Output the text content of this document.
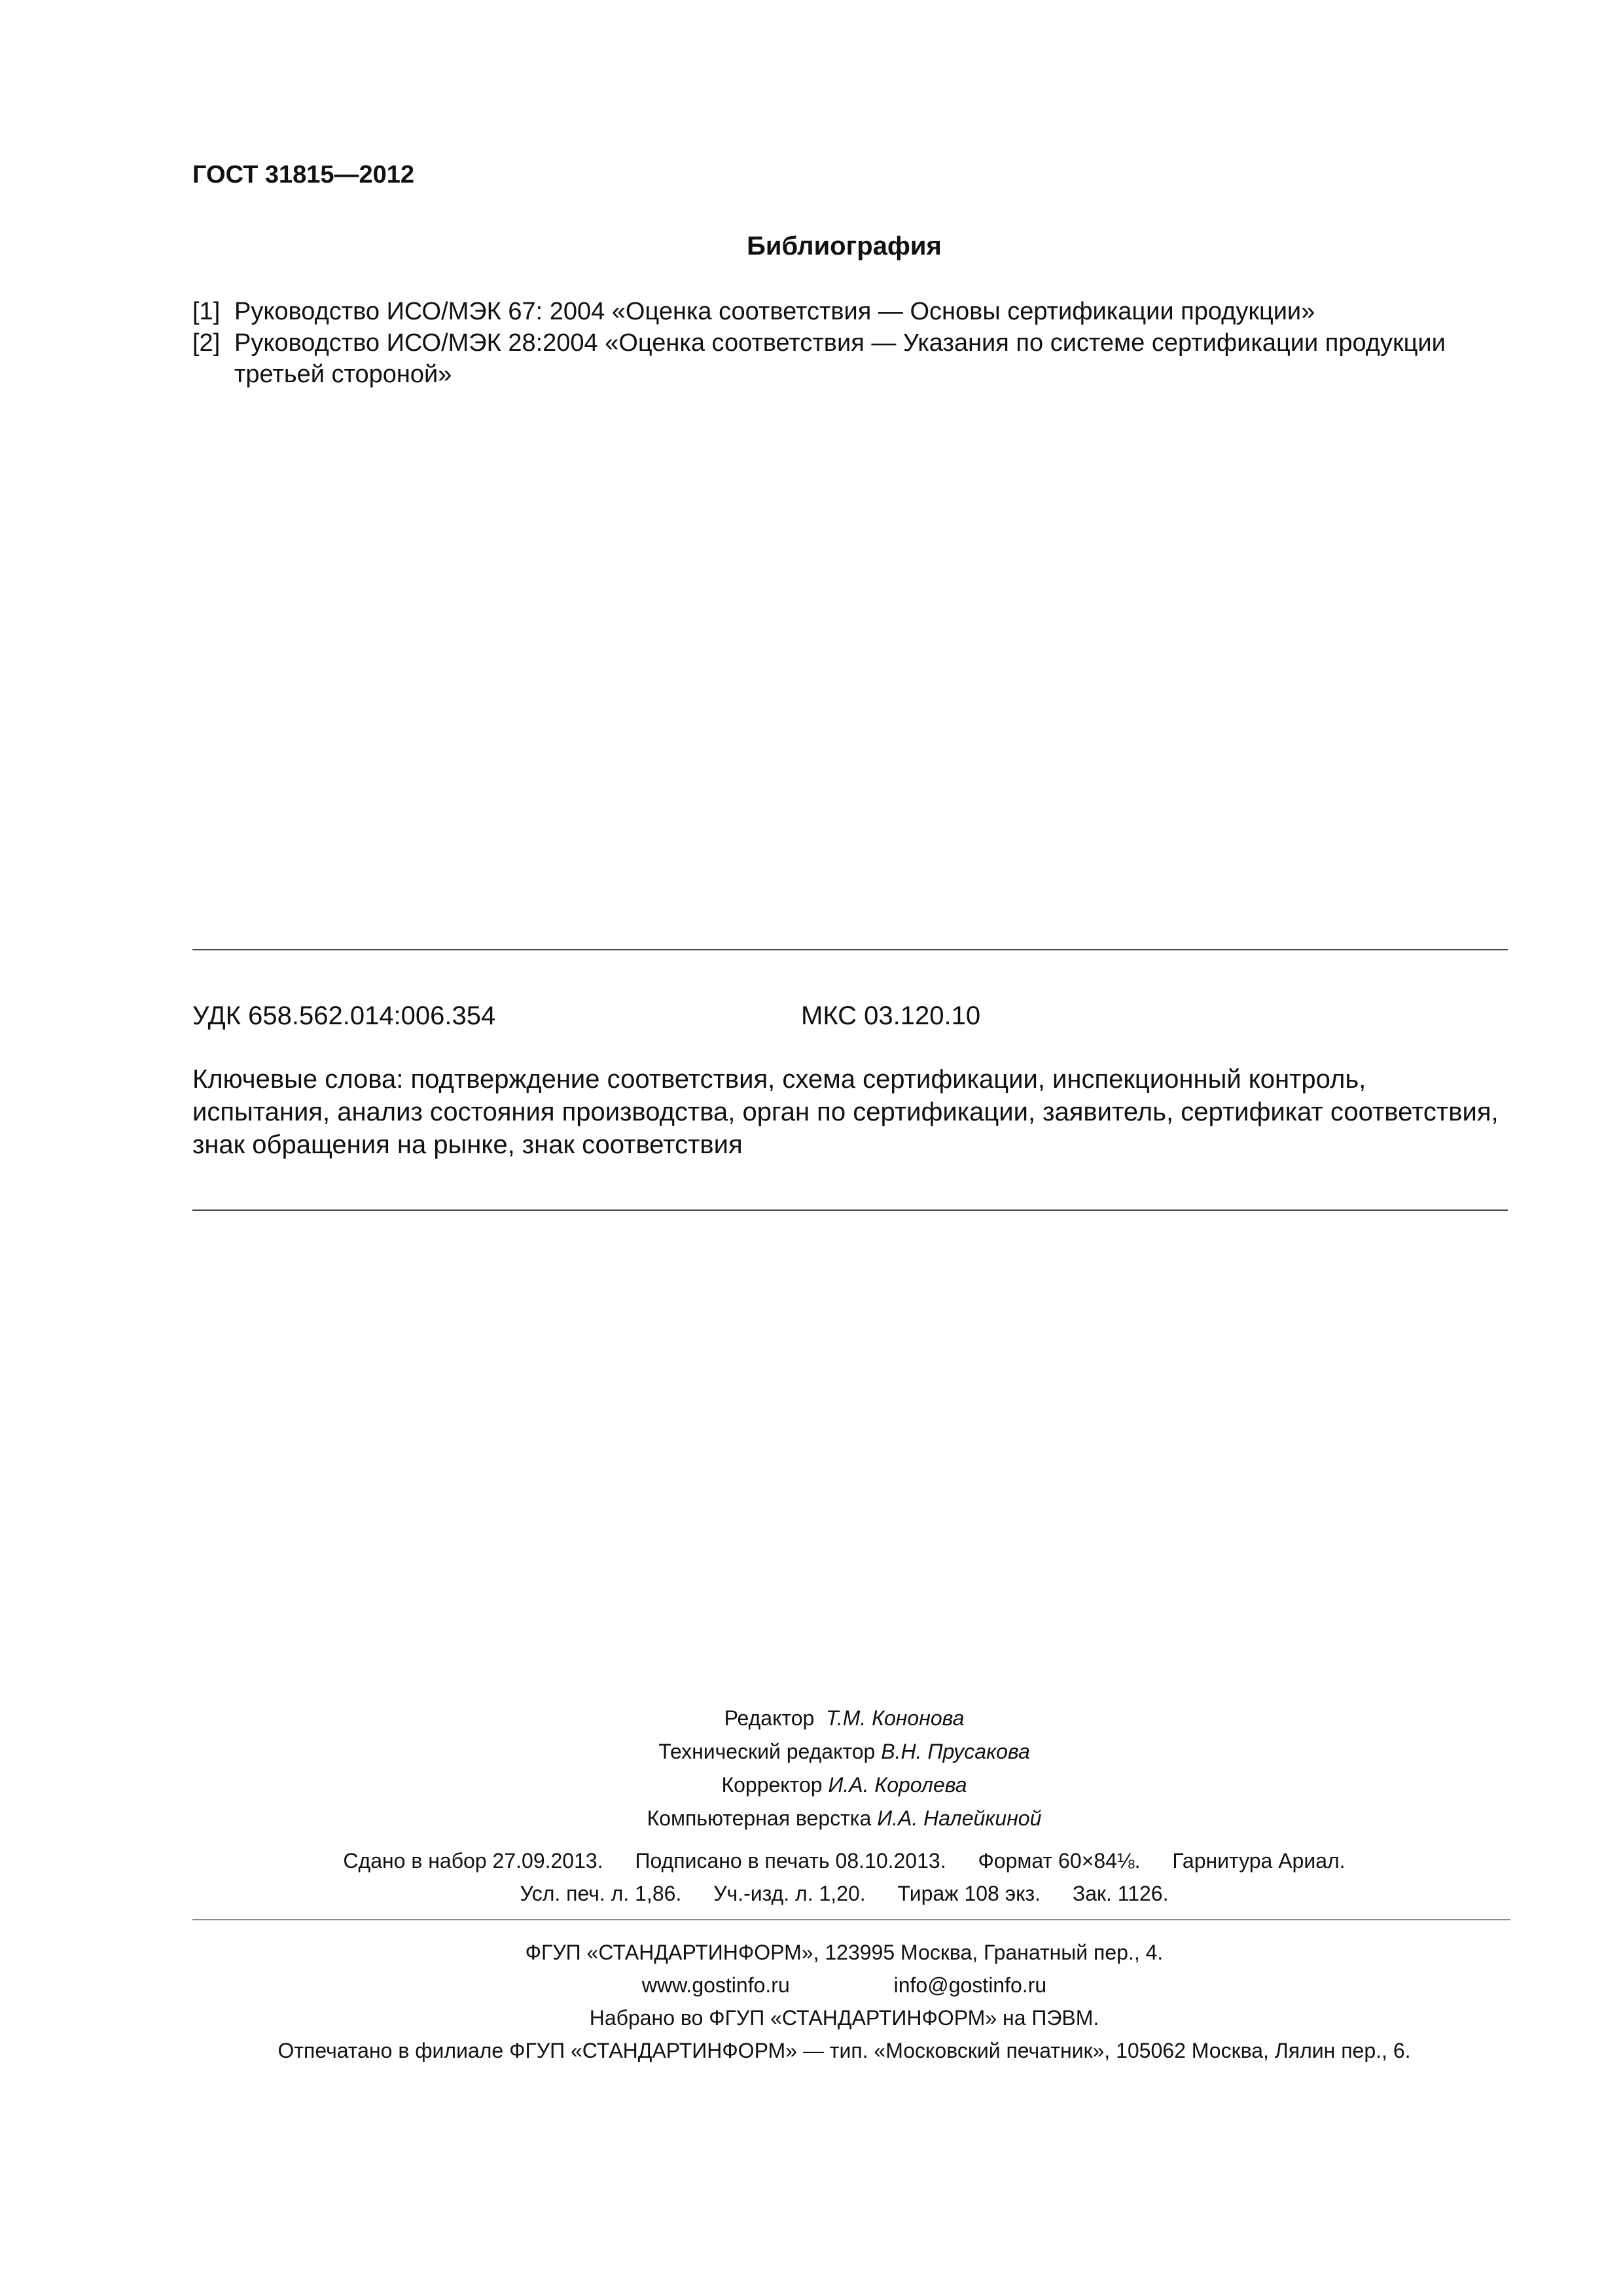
ГОСТ 31815—2012
Библиография
[1] Руководство ИСО/МЭК 67: 2004 «Оценка соответствия — Основы сертификации продукции»
[2] Руководство ИСО/МЭК 28:2004 «Оценка соответствия — Указания по системе сертификации продукции третьей стороной»
УДК 658.562.014:006.354	МКС 03.120.10

Ключевые слова: подтверждение соответствия, схема сертификации, инспекционный контроль, испытания, анализ состояния производства, орган по сертификации, заявитель, сертификат соответствия, знак обращения на рынке, знак соответствия

Редактор Т.М. Кононова
Технический редактор В.Н. Прусакова
Корректор И.А. Королева
Компьютерная верстка И.А. Налейкиной
Сдано в набор 27.09.2013. Подписано в печать 08.10.2013. Формат 60×84⅛. Гарнитура Ариал.
Усл. печ. л. 1,86. Уч.-изд. л. 1,20. Тираж 108 экз. Зак. 1126.
ФГУП «СТАНДАРТИНФОРМ», 123995 Москва, Гранатный пер., 4.
www.gostinfo.ru	info@gostinfo.ru
Набрано во ФГУП «СТАНДАРТИНФОРМ» на ПЭВМ.
Отпечатано в филиале ФГУП «СТАНДАРТИНФОРМ» — тип. «Московский печатник», 105062 Москва, Лялин пер., 6.
